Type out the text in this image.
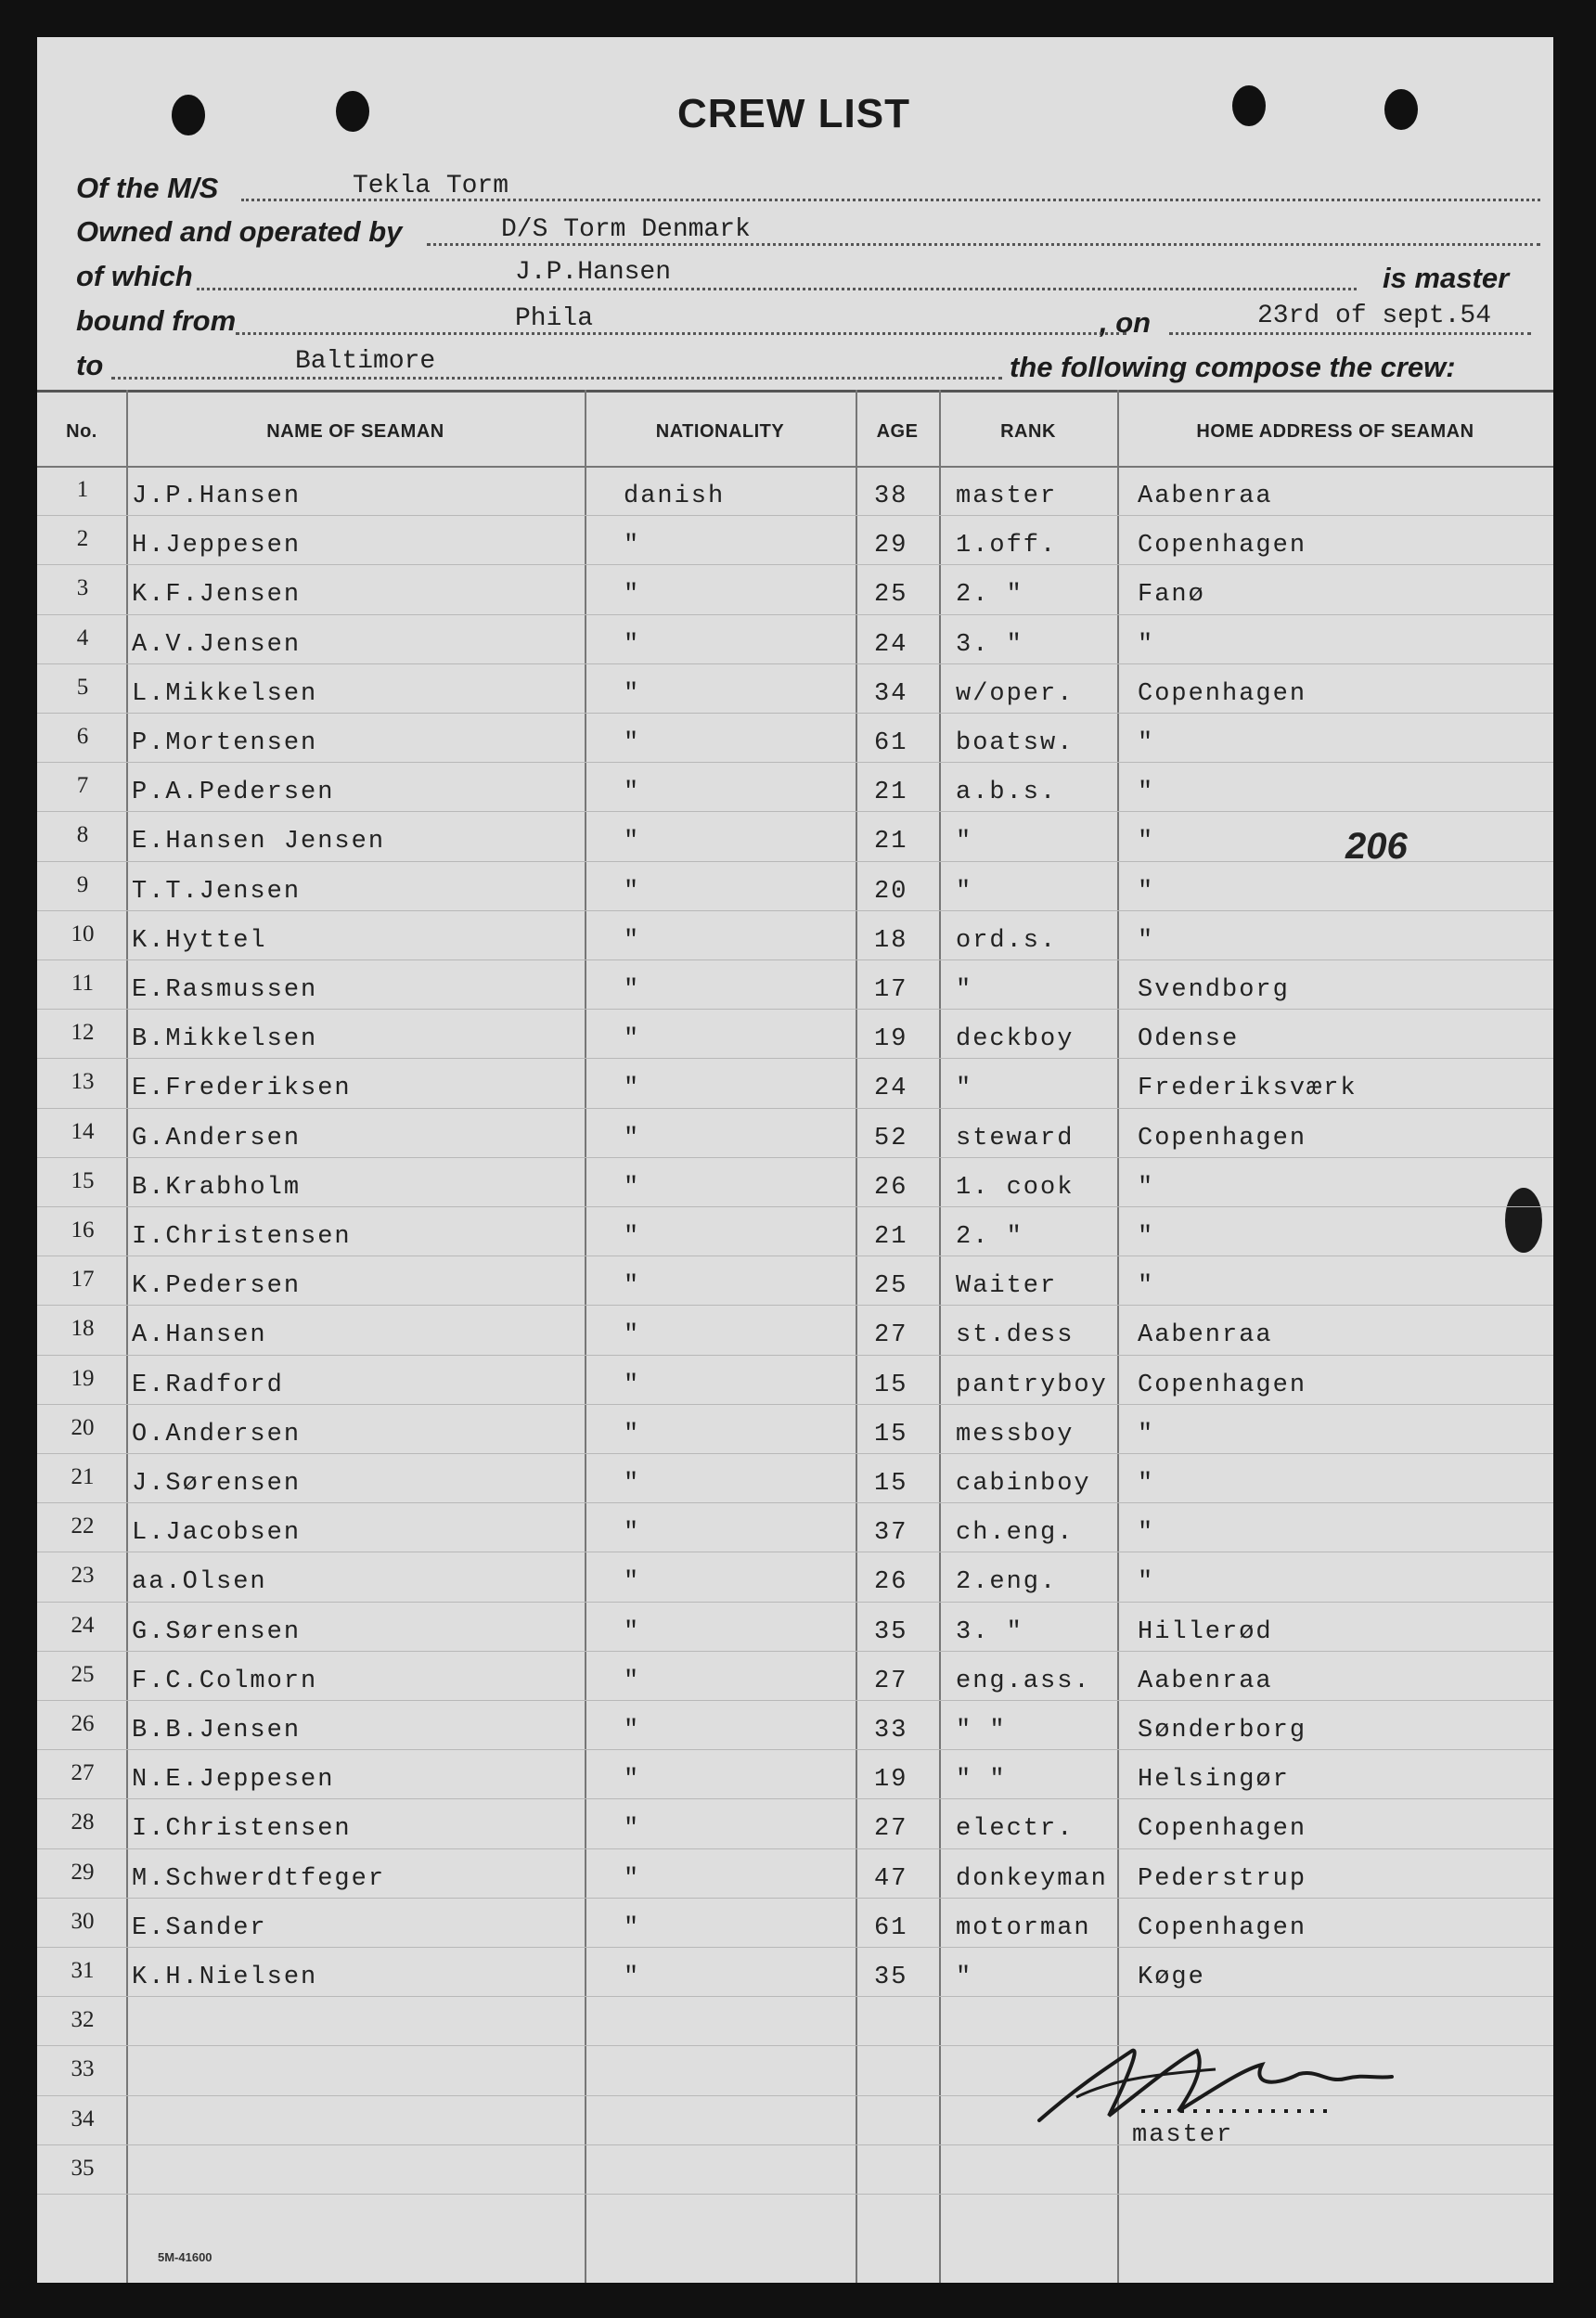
CREW LIST
Of the M/S	Tekla Torm
Owned and operated by	D/S Torm Denmark
of which	J.P.Hansen	is master
bound from	Phila	, on	23rd of sept.54
to	Baltimore	the following compose the crew:
No.	NAME OF SEAMAN	NATIONALITY	AGE	RANK	HOME ADDRESS OF SEAMAN
1	J.P.Hansen	danish	38 master	Aabenraa
2	H.Jeppesen	"	29 1.off.	Copenhagen
3	K.F.Jensen	"	25 2. "	Fanø
4	A.V.Jensen	"	24 3. "	"
5	L.Mikkelsen	"	34 w/oper.	Copenhagen
6	P.Mortensen	"	61 boatsw.	"
7	P.A.Pedersen	"	21 a.b.s.	"
8	E.Hansen Jensen	"	21 "	"
9	T.T.Jensen	"	20 "	"
10	K.Hyttel	"	18 ord.s.	"
11	E.Rasmussen	"	17 "	Svendborg
12	B.Mikkelsen	"	19 deckboy	Odense
13	E.Frederiksen	"	24 "	Frederiksværk
14	G.Andersen	"	52 steward	Copenhagen
15	B.Krabholm	"	26 1. cook	"
16	I.Christensen	"	21 2. "	"
17	K.Pedersen	"	25 Waiter	"
18	A.Hansen	"	27 st.dess	Aabenraa
19	E.Radford	"	15 pantryboy Copenhagen
20	O.Andersen	"	15 messboy	"
21	J.Sørensen	"	15 cabinboy "
22	L.Jacobsen	"	37 ch.eng.	"
23	aa.Olsen	"	26 2.eng.	"
24	G.Sørensen	"	35 3. "	Hillerød
25	F.C.Colmorn	"	27 eng.ass. Aabenraa
26	B.B.Jensen	"	33 " "	Sønderborg
27	N.E.Jeppesen	"	19 " "	Helsingør
28	I.Christensen	"	27 electr.	Copenhagen
29	M.Schwerdtfeger	"	47 donkeyman Pederstrup
30	E.Sander	"	61 motorman Copenhagen
31	K.H.Nielsen	"	35 "	Køge
32
33
34
35
206
master
5M-41600
